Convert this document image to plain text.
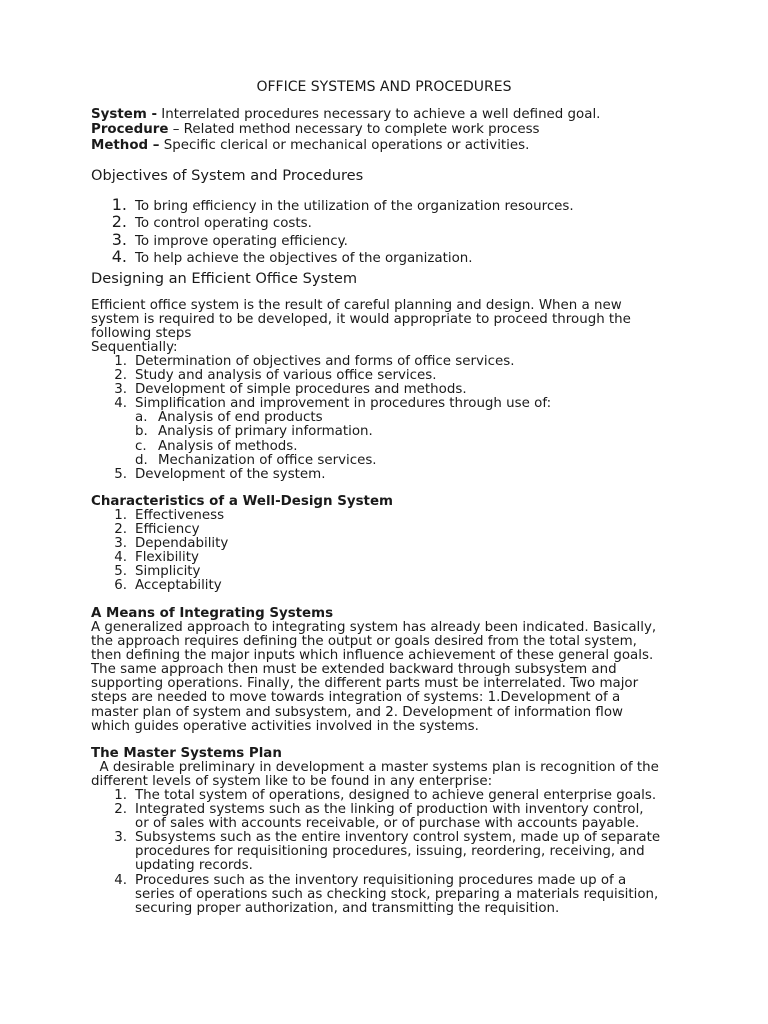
OFFICE SYSTEMS AND PROCEDURES
System - Interrelated procedures necessary to achieve a well defined goal.
Procedure – Related method necessary to complete work process
Method – Specific clerical or mechanical operations or activities.
Objectives of System and Procedures
1. To bring efficiency in the utilization of the organization resources.
2. To control operating costs.
3. To improve operating efficiency.
4. To help achieve the objectives of the organization.
Designing an Efficient Office System
Efficient office system is the result of careful planning and design. When a new
system is required to be developed, it would appropriate to proceed through the
following steps
Sequentially:
1. Determination of objectives and forms of office services.
2. Study and analysis of various office services.
3. Development of simple procedures and methods.
4. Simplification and improvement in procedures through use of:
a. Analysis of end products
b. Analysis of primary information.
c. Analysis of methods.
d. Mechanization of office services.
5. Development of the system.
Characteristics of a Well-Design System
1. Effectiveness
2. Efficiency
3. Dependability
4. Flexibility
5. Simplicity
6. Acceptability
A Means of Integrating Systems
A generalized approach to integrating system has already been indicated. Basically,
the approach requires defining the output or goals desired from the total system,
then defining the major inputs which influence achievement of these general goals.
The same approach then must be extended backward through subsystem and
supporting operations. Finally, the different parts must be interrelated. Two major
steps are needed to move towards integration of systems: 1.Development of a
master plan of system and subsystem, and 2. Development of information flow
which guides operative activities involved in the systems.
The Master Systems Plan
A desirable preliminary in development a master systems plan is recognition of the
different levels of system like to be found in any enterprise:
1. The total system of operations, designed to achieve general enterprise goals.
2. Integrated systems such as the linking of production with inventory control,
or of sales with accounts receivable, or of purchase with accounts payable.
3. Subsystems such as the entire inventory control system, made up of separate
procedures for requisitioning procedures, issuing, reordering, receiving, and
updating records.
4. Procedures such as the inventory requisitioning procedures made up of a
series of operations such as checking stock, preparing a materials requisition,
securing proper authorization, and transmitting the requisition.
